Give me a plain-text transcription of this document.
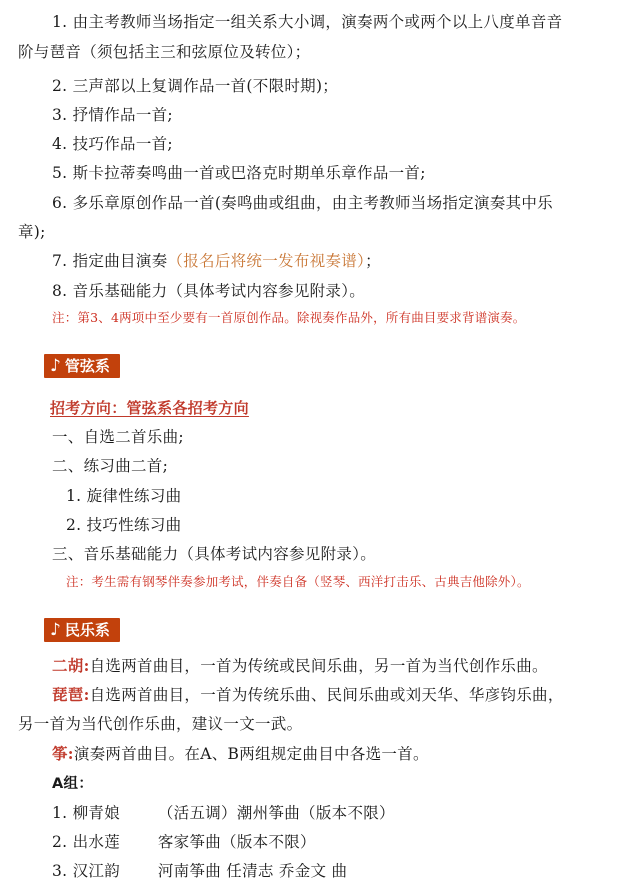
1. 由主考教师当场指定一组关系大小调，演奏两个或两个以上八度单音音
阶与琶音（须包括主三和弦原位及转位）；
2. 三声部以上复调作品一首(不限时期)；
3. 抒情作品一首;
4. 技巧作品一首;
5. 斯卡拉蒂奏鸣曲一首或巴洛克时期单乐章作品一首;
6. 多乐章原创作品一首(奏鸣曲或组曲，由主考教师当场指定演奏其中乐
章);
7. 指定曲目演奏（报名后将统一发布视奏谱）；
8. 音乐基础能力（具体考试内容参见附录）。
注：第3、4两项中至少要有一首原创作品。除视奏作品外，所有曲目要求背谱演奏。
♪ 管弦系
招考方向：管弦系各招考方向
一、自选二首乐曲;
二、练习曲二首;
1. 旋律性练习曲
2. 技巧性练习曲
三、音乐基础能力（具体考试内容参见附录）。
注：考生需有钢琴伴奏参加考试，伴奏自备（竖琴、西洋打击乐、古典吉他除外）。
♪ 民乐系
二胡:自选两首曲目，一首为传统或民间乐曲，另一首为当代创作乐曲。
琵琶:自选两首曲目，一首为传统乐曲、民间乐曲或刘天华、华彦钧乐曲，
另一首为当代创作乐曲，建议一文一武。
筝:演奏两首曲目。在A、B两组规定曲目中各选一首。
A组：
1. 柳青娘 （活五调）潮州筝曲（版本不限）
2. 出水莲 客家筝曲（版本不限）
3. 汉江韵 河南筝曲 任清志 乔金文 曲
